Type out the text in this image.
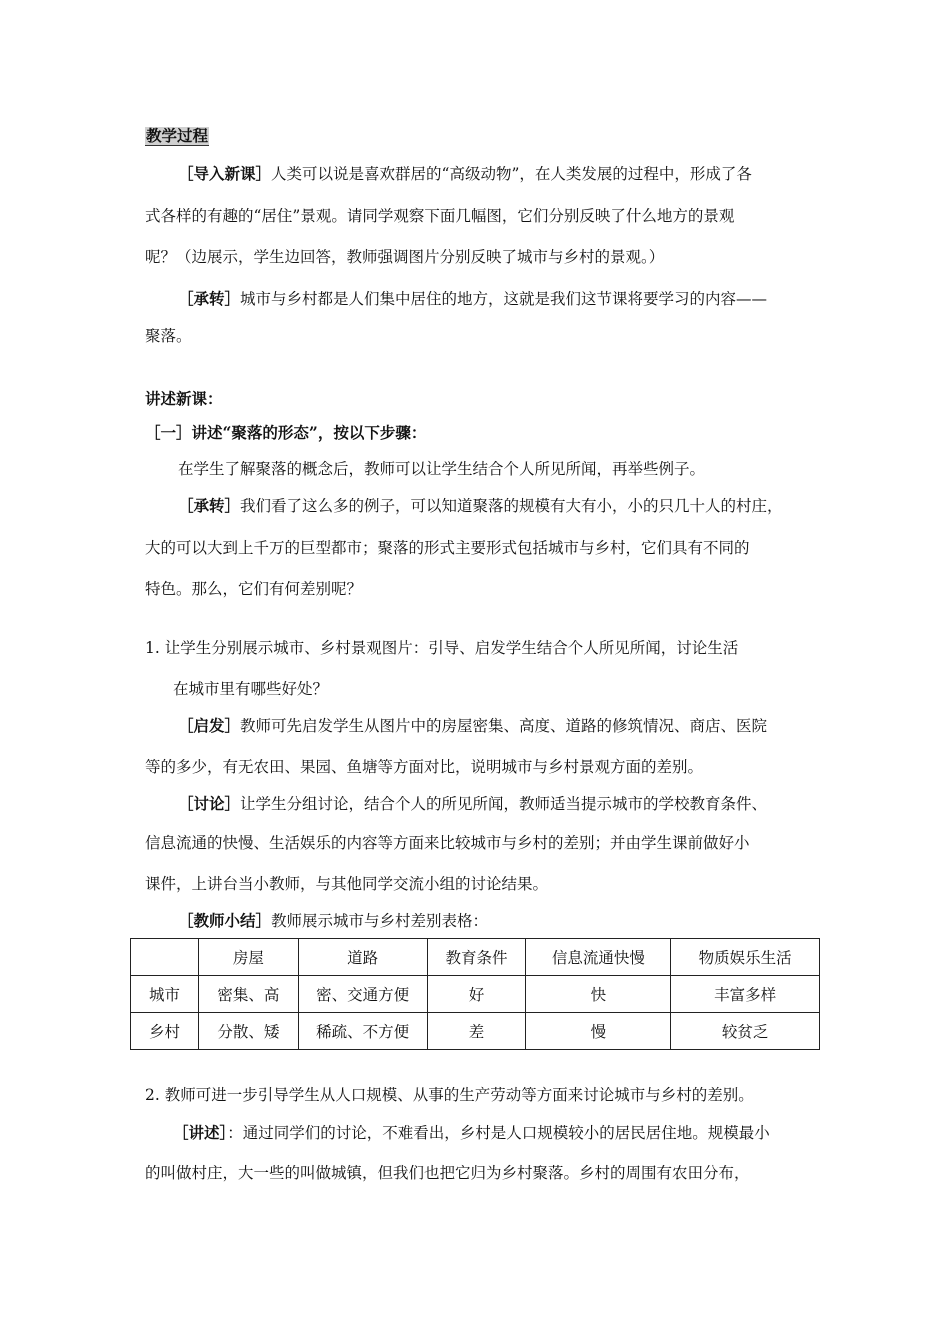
教学过程
［导入新课］人类可以说是喜欢群居的“高级动物”，在人类发展的过程中，形成了各
式各样的有趣的“居住”景观。请同学观察下面几幅图，它们分别反映了什么地方的景观
呢？（边展示，学生边回答，教师强调图片分别反映了城市与乡村的景观。）
［承转］城市与乡村都是人们集中居住的地方，这就是我们这节课将要学习的内容——
聚落。
讲述新课：
［一］讲述“聚落的形态”，按以下步骤：
在学生了解聚落的概念后，教师可以让学生结合个人所见所闻，再举些例子。
［承转］我们看了这么多的例子，可以知道聚落的规模有大有小，小的只几十人的村庄，
大的可以大到上千万的巨型都市；聚落的形式主要形式包括城市与乡村，它们具有不同的
特色。那么，它们有何差别呢？
1. 让学生分别展示城市、乡村景观图片：引导、启发学生结合个人所见所闻，讨论生活
在城市里有哪些好处？
［启发］教师可先启发学生从图片中的房屋密集、高度、道路的修筑情况、商店、医院
等的多少，有无农田、果园、鱼塘等方面对比，说明城市与乡村景观方面的差别。
［讨论］让学生分组讨论，结合个人的所见所闻，教师适当提示城市的学校教育条件、
信息流通的快慢、生活娱乐的内容等方面来比较城市与乡村的差别；并由学生课前做好小
课件，上讲台当小教师，与其他同学交流小组的讨论结果。
［教师小结］教师展示城市与乡村差别表格：
	房屋	道路	教育条件	信息流通快慢	物质娱乐生活
城市	密集、高	密、交通方便	好	快	丰富多样
乡村	分散、矮	稀疏、不方便	差	慢	较贫乏
2. 教师可进一步引导学生从人口规模、从事的生产劳动等方面来讨论城市与乡村的差别。
［讲述］：通过同学们的讨论，不难看出，乡村是人口规模较小的居民居住地。规模最小
的叫做村庄，大一些的叫做城镇，但我们也把它归为乡村聚落。乡村的周围有农田分布，
